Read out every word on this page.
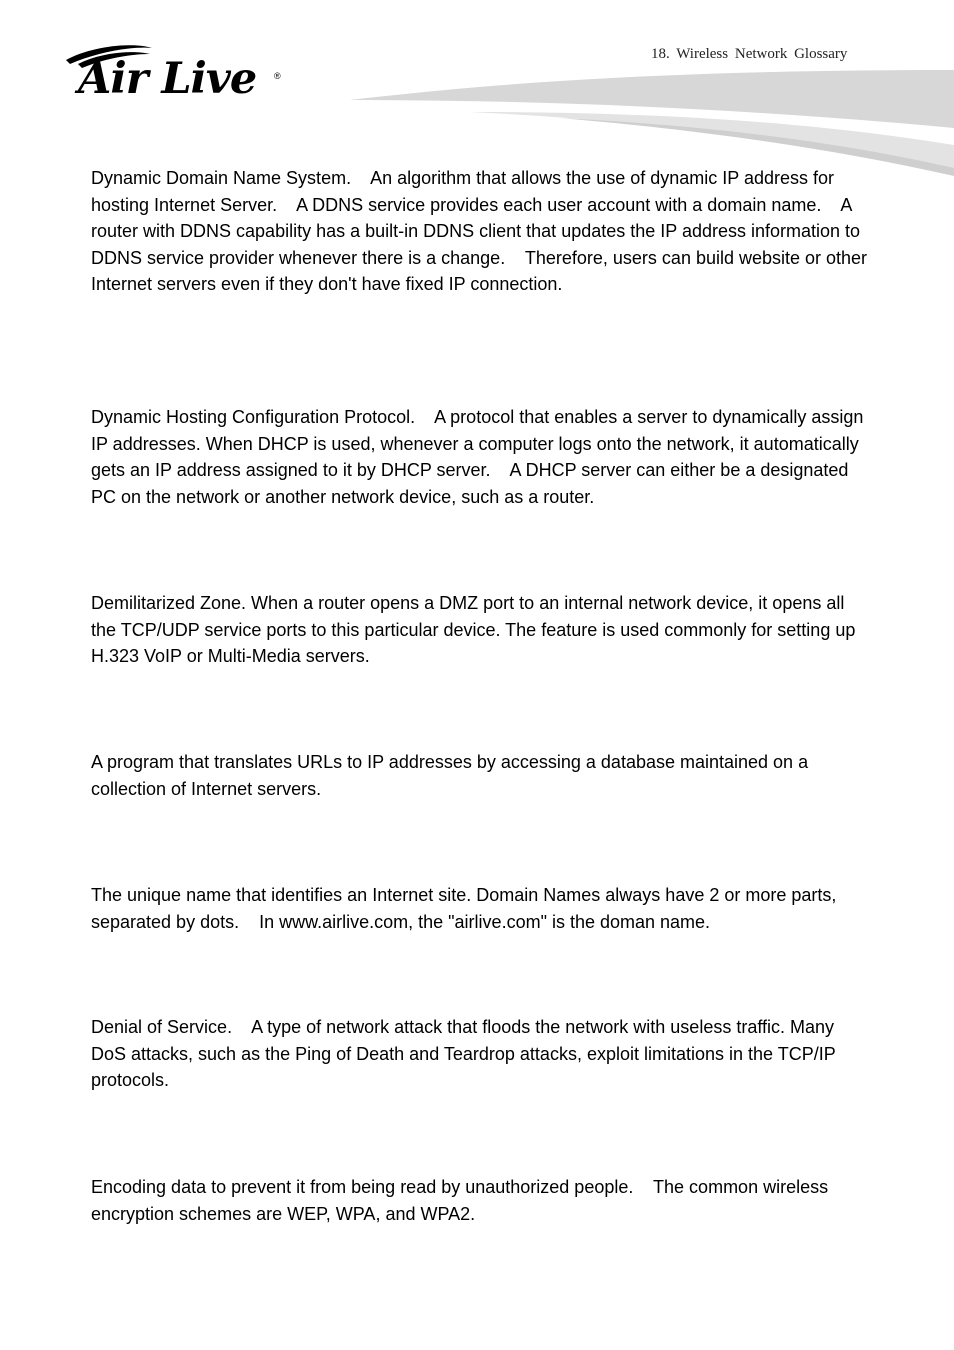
Air Live ®
18. Wireless Network Glossary

Dynamic Domain Name System.    An algorithm that allows the use of dynamic IP address for hosting Internet Server.    A DDNS service provides each user account with a domain name.    A router with DDNS capability has a built-in DDNS client that updates the IP address information to DDNS service provider whenever there is a change.    Therefore, users can build website or other Internet servers even if they don't have fixed IP connection.

Dynamic Hosting Configuration Protocol.    A protocol that enables a server to dynamically assign IP addresses. When DHCP is used, whenever a computer logs onto the network, it automatically gets an IP address assigned to it by DHCP server.    A DHCP server can either be a designated PC on the network or another network device, such as a router.

Demilitarized Zone. When a router opens a DMZ port to an internal network device, it opens all the TCP/UDP service ports to this particular device. The feature is used commonly for setting up H.323 VoIP or Multi-Media servers.

A program that translates URLs to IP addresses by accessing a database maintained on a collection of Internet servers.

The unique name that identifies an Internet site. Domain Names always have 2 or more parts, separated by dots.    In www.airlive.com, the "airlive.com" is the doman name.

Denial of Service.    A type of network attack that floods the network with useless traffic. Many DoS attacks, such as the Ping of Death and Teardrop attacks, exploit limitations in the TCP/IP protocols.

Encoding data to prevent it from being read by unauthorized people.    The common wireless encryption schemes are WEP, WPA, and WPA2.
